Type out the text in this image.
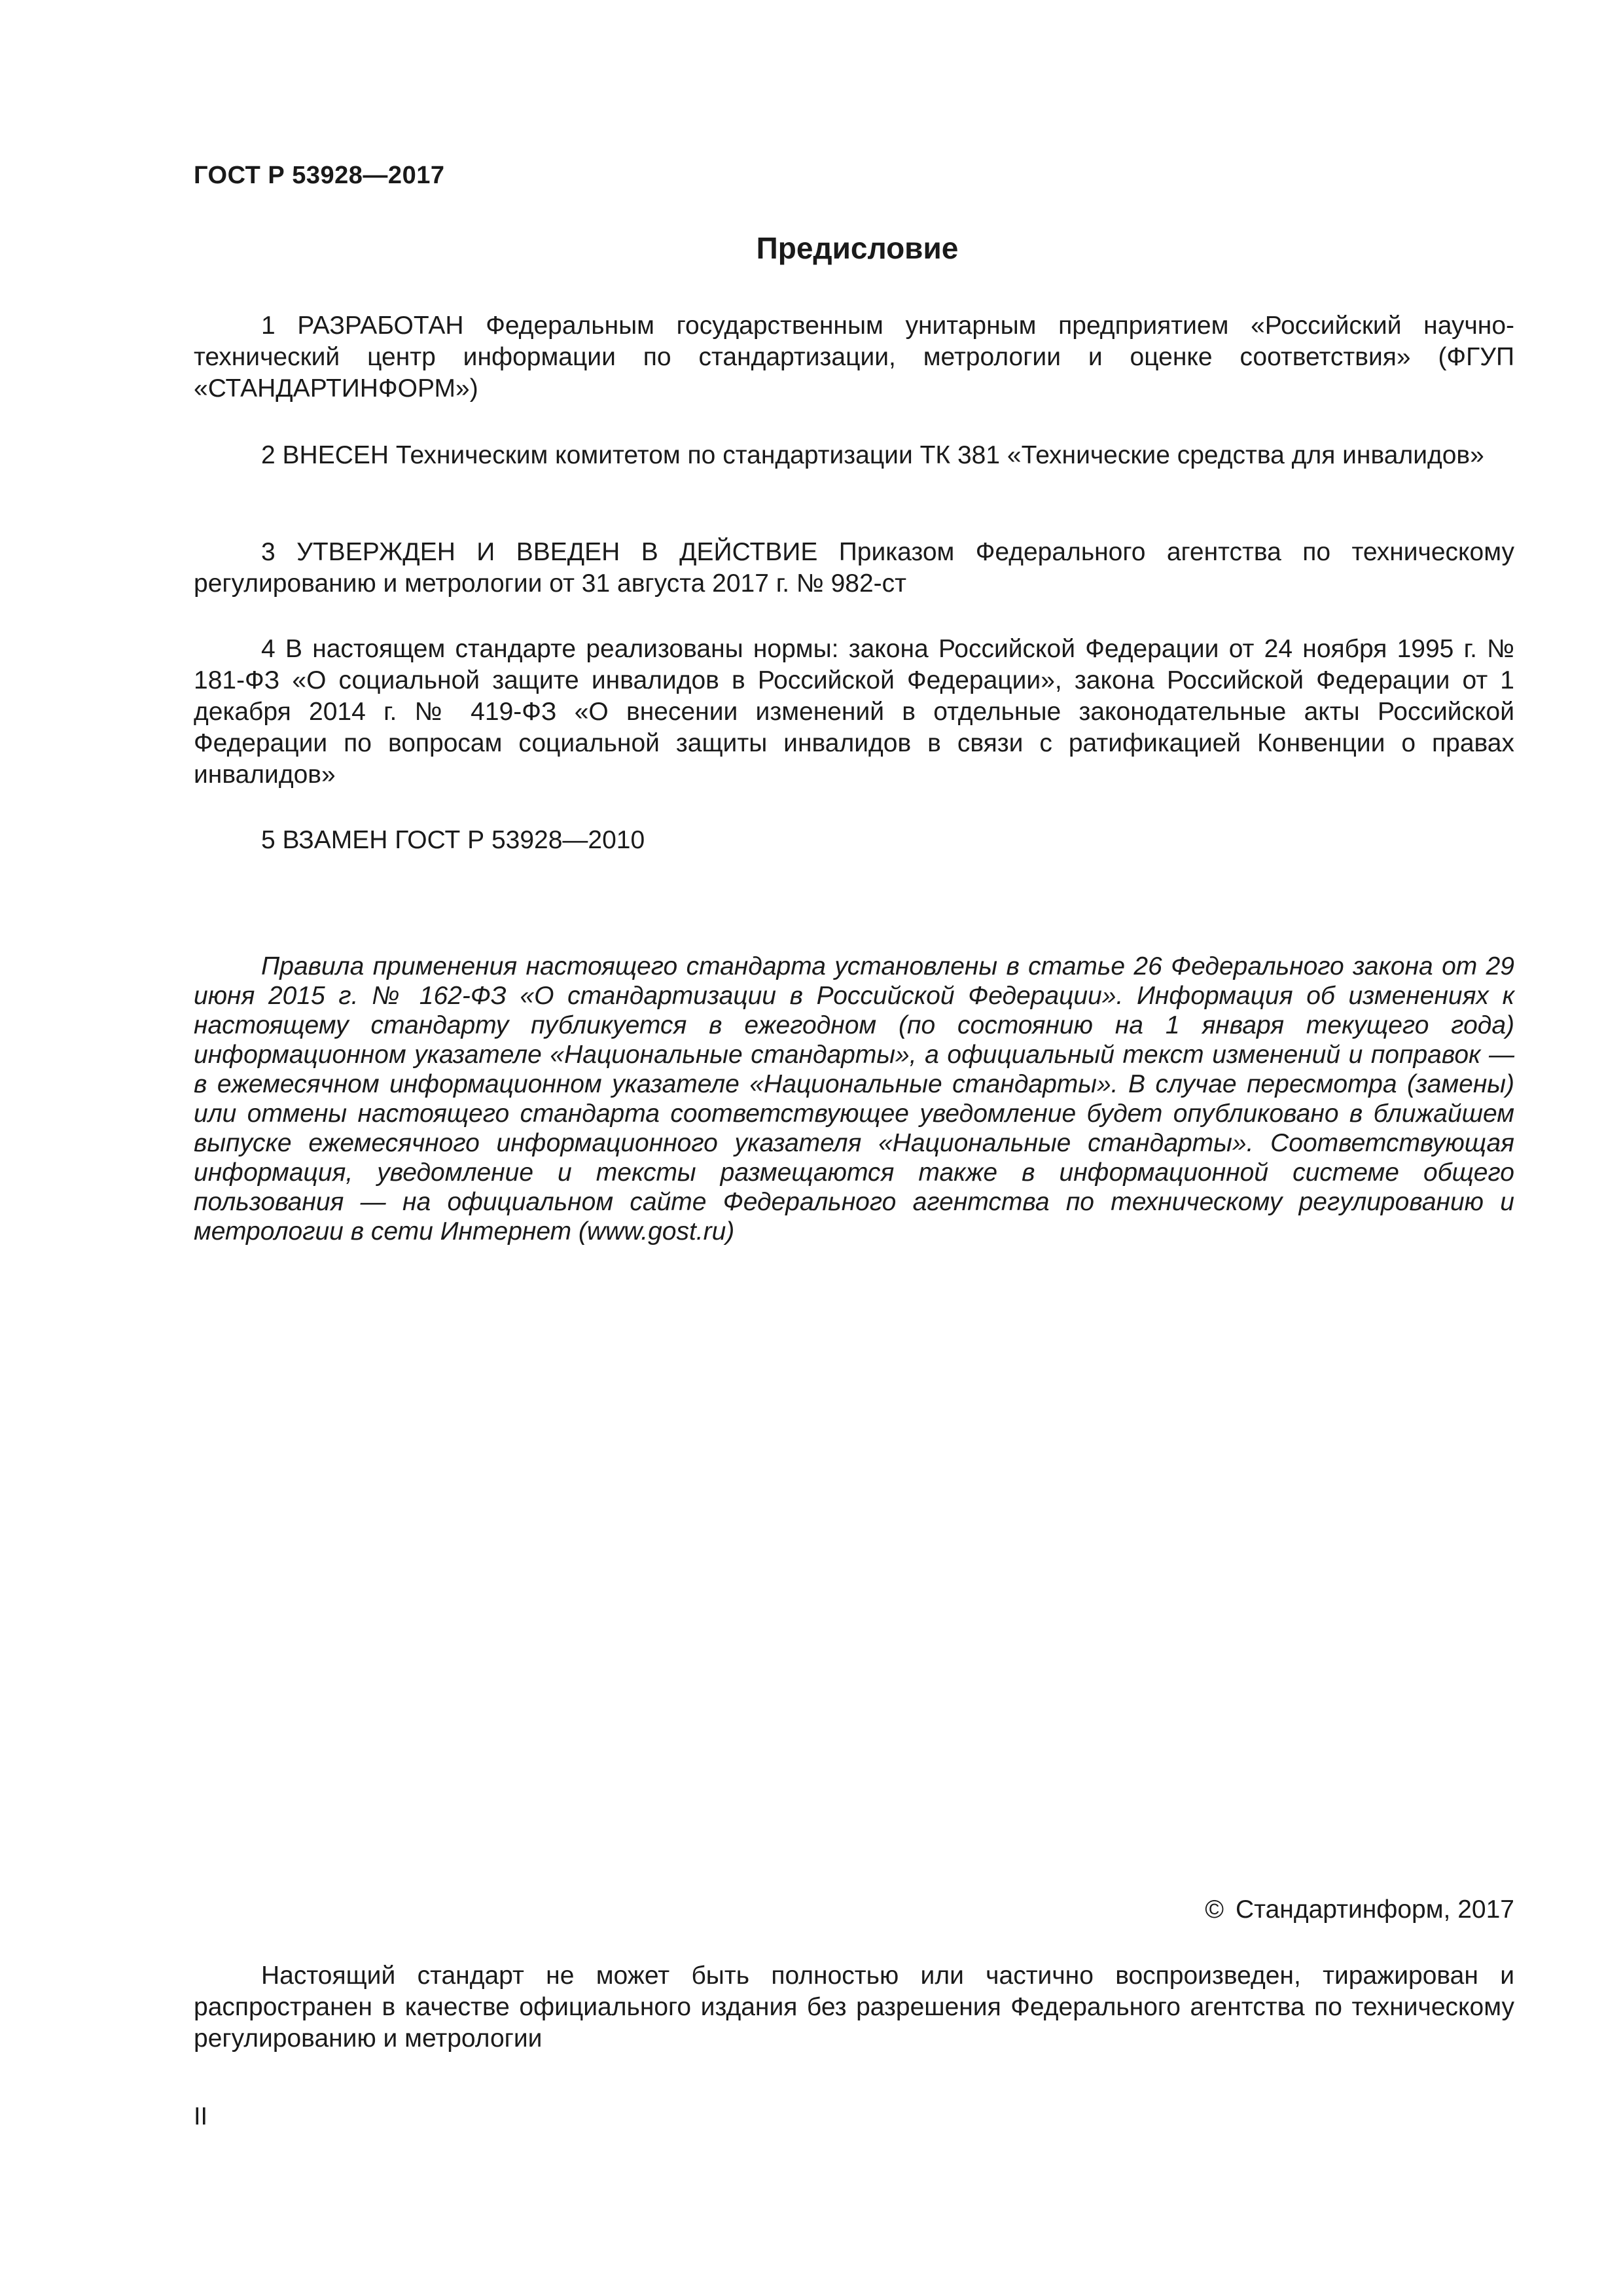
ГОСТ Р 53928—2017
Предисловие

1 РАЗРАБОТАН Федеральным государственным унитарным предприятием «Российский научно-технический центр информации по стандартизации, метрологии и оценке соответствия» (ФГУП «СТАНДАРТИНФОРМ»)

2 ВНЕСЕН Техническим комитетом по стандартизации ТК 381 «Технические средства для инвалидов»

3 УТВЕРЖДЕН И ВВЕДЕН В ДЕЙСТВИЕ Приказом Федерального агентства по техническому регулированию и метрологии от 31 августа 2017 г. № 982-ст

4 В настоящем стандарте реализованы нормы: закона Российской Федерации от 24 ноября 1995 г. № 181-ФЗ «О социальной защите инвалидов в Российской Федерации», закона Российской Федерации от 1 декабря 2014 г. № 419-ФЗ «О внесении изменений в отдельные законодательные акты Российской Федерации по вопросам социальной защиты инвалидов в связи с ратификацией Конвенции о правах инвалидов»

5 ВЗАМЕН ГОСТ Р 53928—2010

Правила применения настоящего стандарта установлены в статье 26 Федерального закона от 29 июня 2015 г. № 162-ФЗ «О стандартизации в Российской Федерации». Информация об изменениях к настоящему стандарту публикуется в ежегодном (по состоянию на 1 января текущего года) информационном указателе «Национальные стандарты», а официальный текст изменений и поправок — в ежемесячном информационном указателе «Национальные стандарты». В случае пересмотра (замены) или отмены настоящего стандарта соответствующее уведомление будет опубликовано в ближайшем выпуске ежемесячного информационного указателя «Национальные стандарты». Соответствующая информация, уведомление и тексты размещаются также в информационной системе общего пользования — на официальном сайте Федерального агентства по техническому регулированию и метрологии в сети Интернет (www.gost.ru)

© Стандартинформ, 2017

Настоящий стандарт не может быть полностью или частично воспроизведен, тиражирован и распространен в качестве официального издания без разрешения Федерального агентства по техническому регулированию и метрологии

II
